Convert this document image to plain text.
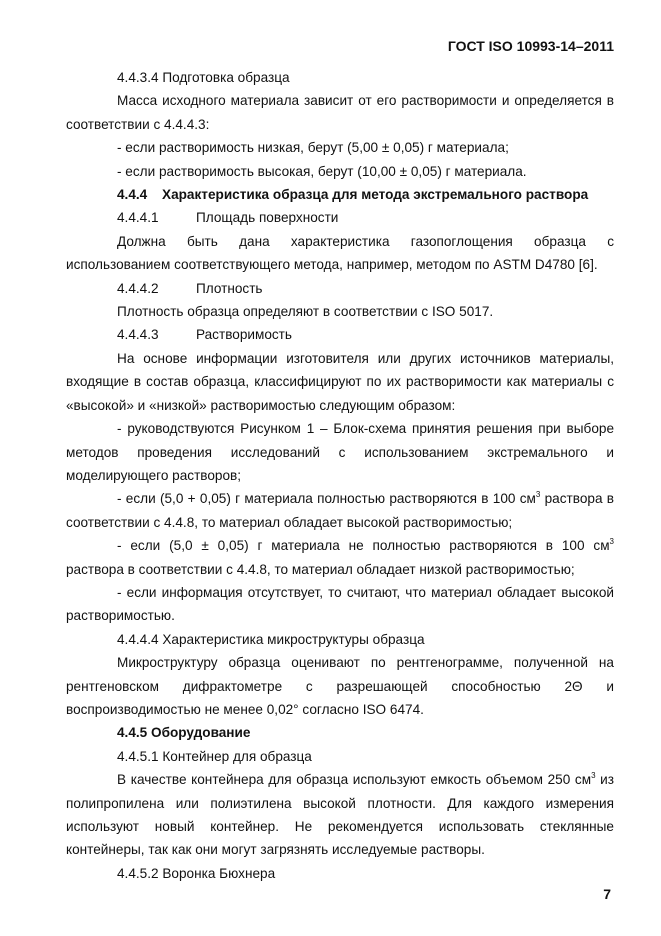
ГОСТ ISO 10993-14–2011

4.4.3.4 Подготовка образца

Масса исходного материала зависит от его растворимости и определяется в соответствии с 4.4.4.3:

- если растворимость низкая, берут (5,00 ± 0,05) г материала;

- если растворимость высокая, берут (10,00 ± 0,05) г материала.

4.4.4 Характеристика образца для метода экстремального раствора

4.4.4.1	Площадь поверхности

Должна быть дана характеристика газопоглощения образца с использованием соответствующего метода, например, методом по ASTM D4780 [6].

4.4.4.2	Плотность

Плотность образца определяют в соответствии с ISO 5017.

4.4.4.3	Растворимость

На основе информации изготовителя или других источников материалы, входящие в состав образца, классифицируют по их растворимости как материалы с «высокой» и «низкой» растворимостью следующим образом:

- руководствуются Рисунком 1 – Блок-схема принятия решения при выборе методов проведения исследований с использованием экстремального и моделирующего растворов;

- если (5,0 + 0,05) г материала полностью растворяются в 100 $см^3$ раствора в соответствии с 4.4.8, то материал обладает высокой растворимостью;

- если (5,0 ± 0,05) г материала не полностью растворяются в 100 $см^3$ раствора в соответствии с 4.4.8, то материал обладает низкой растворимостью;

- если информация отсутствует, то считают, что материал обладает высокой растворимостью.

4.4.4.4 Характеристика микроструктуры образца

Микроструктуру образца оценивают по рентгенограмме, полученной на рентгеновском дифрактометре с разрешающей способностью 2Θ и

воспроизводимостью не менее 0,02° согласно ISO 6474.

4.4.5 Оборудование

4.4.5.1 Контейнер для образца

В качестве контейнера для образца используют емкость объемом 250 $см^3$ из полипропилена или полиэтилена высокой плотности. Для каждого измерения используют новый контейнер. Не рекомендуется использовать стеклянные контейнеры, так как они могут загрязнять исследуемые растворы.

4.4.5.2 Воронка Бюхнера

7
